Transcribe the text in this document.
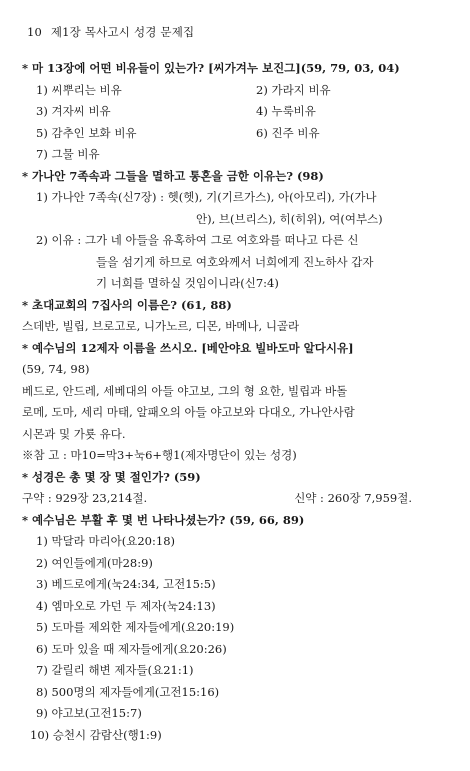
10 제1장 목사고시 성경 문제집
* 마 13장에 어떤 비유들이 있는가? [씨가겨누 보진그](59, 79, 03, 04)
1) 씨뿌리는 비유	2) 가라지 비유
3) 겨자씨 비유	4) 누룩비유
5) 감추인 보화 비유	6) 진주 비유
7) 그물 비유
* 가나안 7족속과 그들을 멸하고 통혼을 금한 이유는? (98)
1) 가나안 7족속(신7장) : 헷(헷), 기(기르가스), 아(아모리), 가(가나
안), 브(브리스), 히(히위), 여(여부스)
2) 이유 : 그가 네 아들을 유혹하여 그로 여호와를 떠나고 다른 신
들을 섬기게 하므로 여호와께서 너희에게 진노하사 갑자
기 너희를 멸하실 것임이니라(신7:4)
* 초대교회의 7집사의 이름은? (61, 88)
스데반, 빌립, 브로고로, 니가노르, 디몬, 바메나, 니골라
* 예수님의 12제자 이름을 쓰시오. [베안야요 빌바도마 알다시유]
(59, 74, 98)
베드로, 안드레, 세베대의 아들 야고보, 그의 형 요한, 빌립과 바돌
로메, 도마, 세리 마태, 알패오의 아들 야고보와 다대오, 가나안사람
시몬과 및 가룟 유다.
※참 고 : 마10=막3+눅6+행1(제자명단이 있는 성경)
* 성경은 총 몇 장 몇 절인가? (59)
구약 : 929장 23,214절.	신약 : 260장 7,959절.
* 예수님은 부활 후 몇 번 나타나셨는가? (59, 66, 89)
1) 막달라 마리아(요20:18)
2) 여인들에게(마28:9)
3) 베드로에게(눅24:34, 고전15:5)
4) 엠마오로 가던 두 제자(눅24:13)
5) 도마를 제외한 제자들에게(요20:19)
6) 도마 있을 때 제자들에게(요20:26)
7) 갈릴리 해변 제자들(요21:1)
8) 500명의 제자들에게(고전15:16)
9) 야고보(고전15:7)
10) 승천시 감람산(행1:9)
